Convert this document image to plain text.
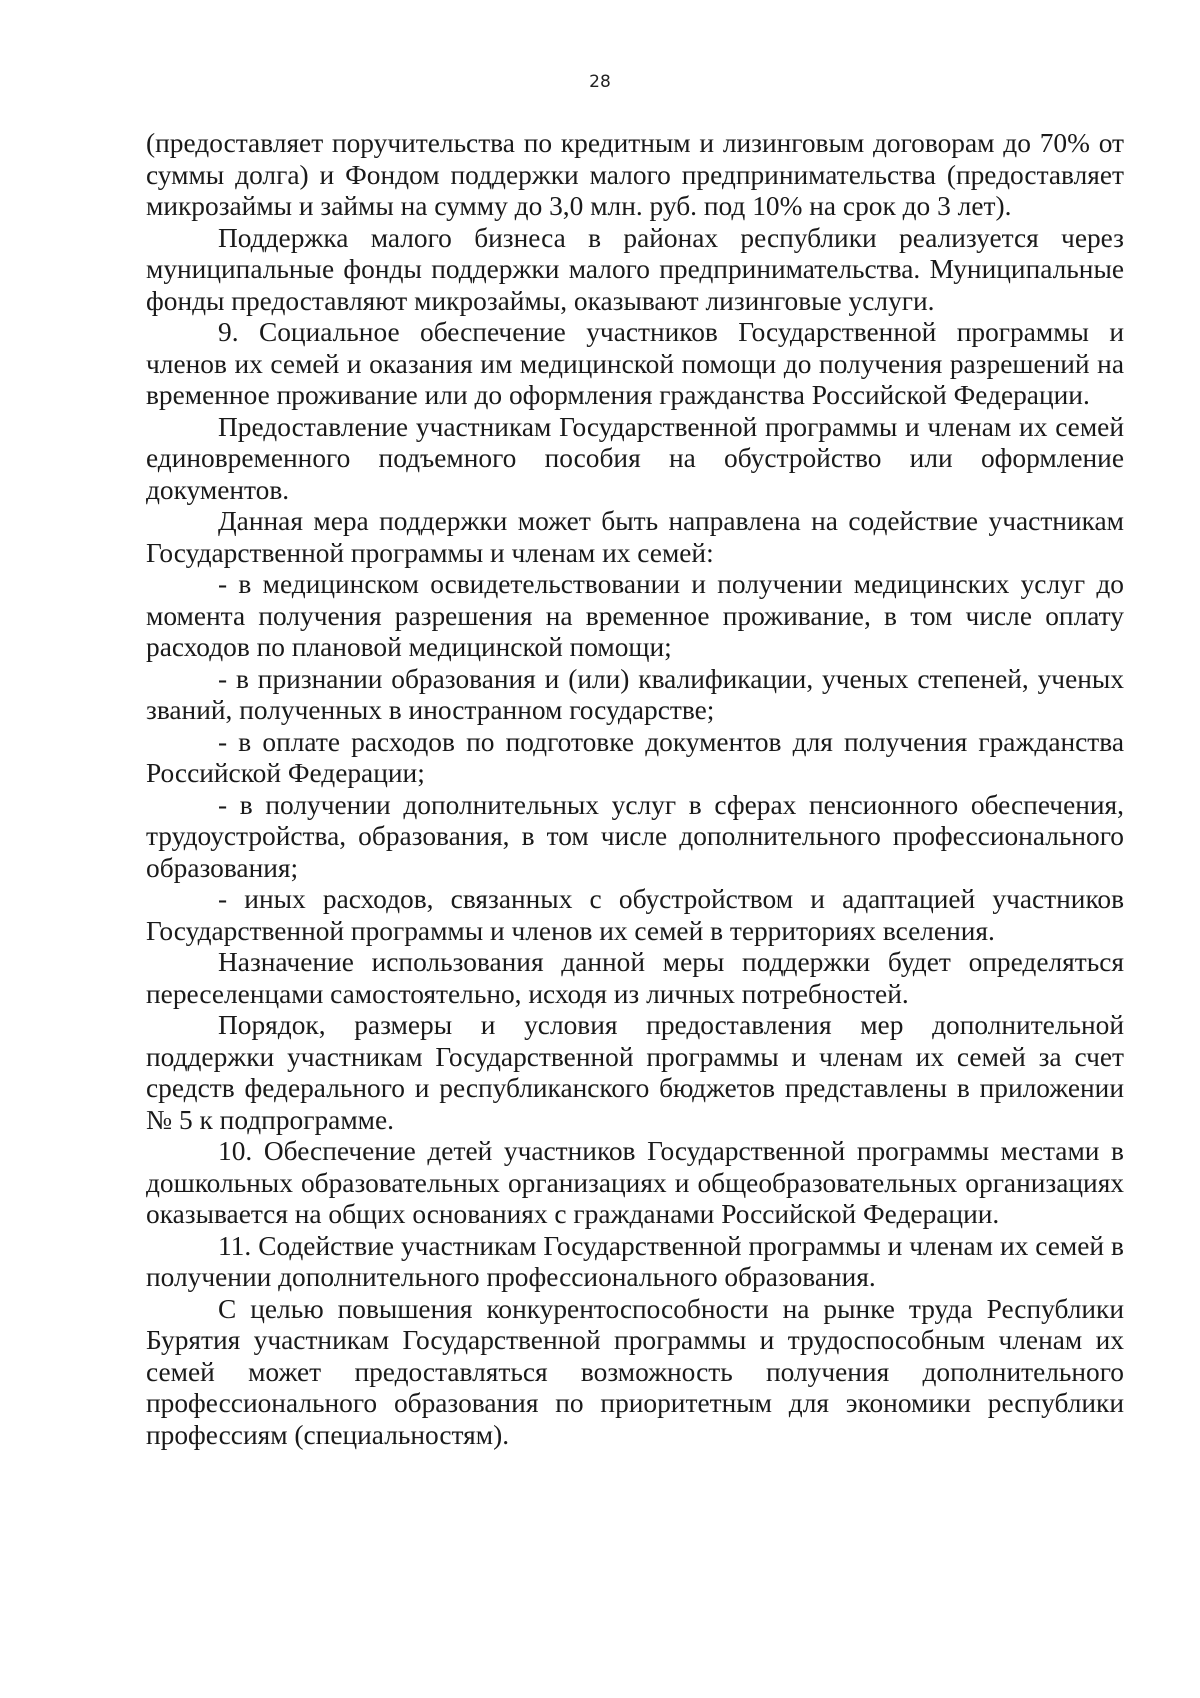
28

(предоставляет поручительства по кредитным и лизинговым договорам до 70% от суммы долга) и Фондом поддержки малого предпринимательства (предоставляет микрозаймы и займы на сумму до 3,0 млн. руб. под 10% на срок до 3 лет).

Поддержка малого бизнеса в районах республики реализуется через муниципальные фонды поддержки малого предпринимательства. Муниципальные фонды предоставляют микрозаймы, оказывают лизинговые услуги.

9. Социальное обеспечение участников Государственной программы и членов их семей и оказания им медицинской помощи до получения разрешений на временное проживание или до оформления гражданства Российской Федерации.

Предоставление участникам Государственной программы и членам их семей единовременного подъемного пособия на обустройство или оформление документов.

Данная мера поддержки может быть направлена на содействие участникам Государственной программы и членам их семей:

- в медицинском освидетельствовании и получении медицинских услуг до момента получения разрешения на временное проживание, в том числе оплату расходов по плановой медицинской помощи;

- в признании образования и (или) квалификации, ученых степеней, ученых званий, полученных в иностранном государстве;

- в оплате расходов по подготовке документов для получения гражданства Российской Федерации;

- в получении дополнительных услуг в сферах пенсионного обеспечения, трудоустройства, образования, в том числе дополнительного профессионального образования;

- иных расходов, связанных с обустройством и адаптацией участников Государственной программы и членов их семей в территориях вселения.

Назначение использования данной меры поддержки будет определяться переселенцами самостоятельно, исходя из личных потребностей.

Порядок, размеры и условия предоставления мер дополнительной поддержки участникам Государственной программы и членам их семей за счет средств федерального и республиканского бюджетов представлены в приложении № 5 к подпрограмме.

10. Обеспечение детей участников Государственной программы местами в дошкольных образовательных организациях и общеобразовательных организациях оказывается на общих основаниях с гражданами Российской Федерации.

11. Содействие участникам Государственной программы и членам их семей в получении дополнительного профессионального образования.

С целью повышения конкурентоспособности на рынке труда Республики Бурятия участникам Государственной программы и трудоспособным членам их семей может предоставляться возможность получения дополнительного профессионального образования по приоритетным для экономики республики профессиям (специальностям).
